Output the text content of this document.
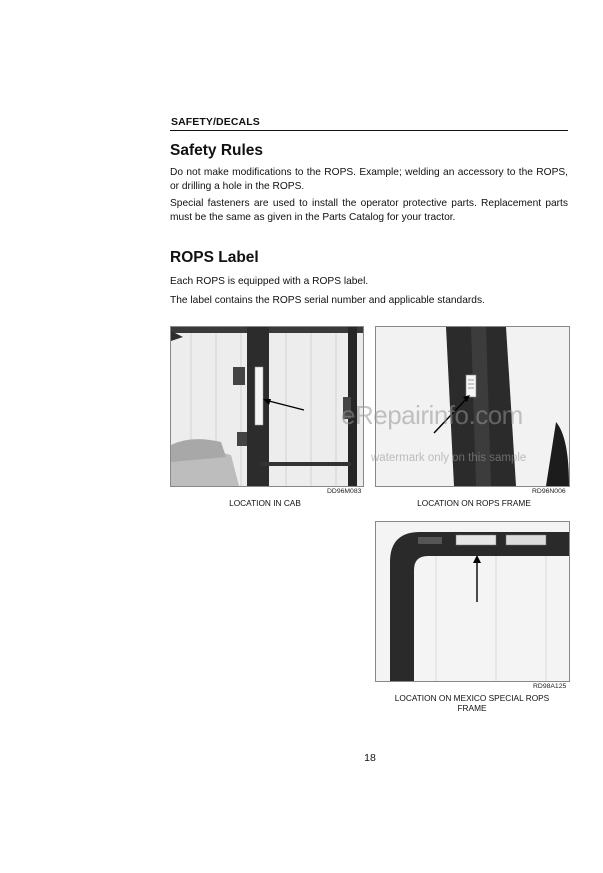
SAFETY/DECALS
Safety Rules

Do not make modifications to the ROPS. Example; welding an accessory to the ROPS, or drilling a hole in the ROPS.

Special fasteners are used to install the operator protective parts. Replacement parts must be the same as given in the Parts Catalog for your tractor.

ROPS Label

Each ROPS is equipped with a ROPS label.

The label contains the ROPS serial number and applicable standards.

DD96M083
LOCATION IN CAB
RD96N006
LOCATION ON ROPS FRAME
eRepairinfo.com
watermark only on this sample
RD98A125
LOCATION ON MEXICO SPECIAL ROPS FRAME
18
